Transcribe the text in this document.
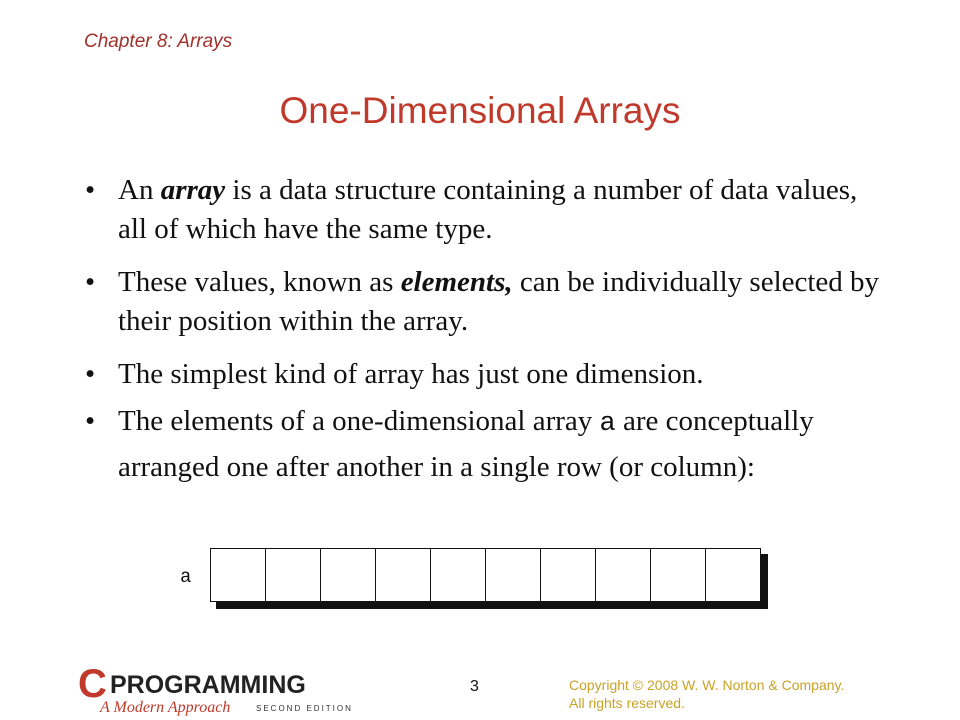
Chapter 8: Arrays
One-Dimensional Arrays
• An array is a data structure containing a number of data values, all of which have the same type.
• These values, known as elements, can be individually selected by their position within the array.
• The simplest kind of array has just one dimension.
• The elements of a one-dimensional array a are conceptually arranged one after another in a single row (or column):
a
C PROGRAMMING
A Modern Approach	SECOND EDITION
3	Copyright © 2008 W. W. Norton & Company.
All rights reserved.
